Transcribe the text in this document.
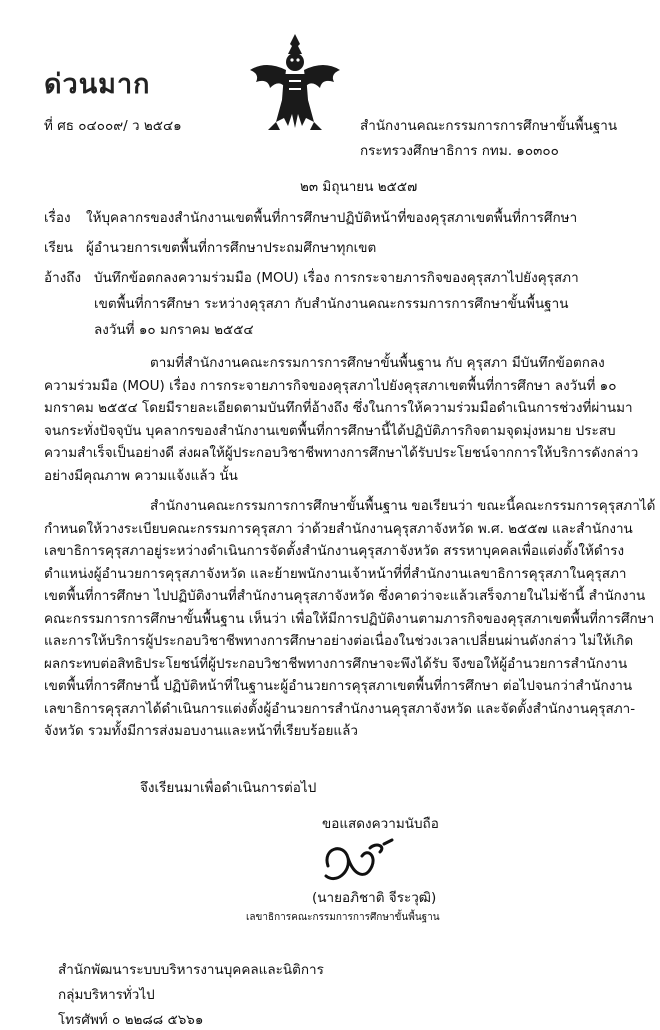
ด่วนมาก
ที่ ศธ ๐๔๐๐๙/ ว ๒๕๔๑	สำนักงานคณะกรรมการการศึกษาขั้นพื้นฐาน
กระทรวงศึกษาธิการ กทม. ๑๐๓๐๐
๒๓ มิถุนายน ๒๕๕๗
เรื่อง ให้บุคลากรของสำนักงานเขตพื้นที่การศึกษาปฏิบัติหน้าที่ของคุรุสภาเขตพื้นที่การศึกษา
เรียน ผู้อำนวยการเขตพื้นที่การศึกษาประถมศึกษาทุกเขต
อ้างถึง บันทึกข้อตกลงความร่วมมือ (MOU) เรื่อง การกระจายภารกิจของคุรุสภาไปยังคุรุสภา
เขตพื้นที่การศึกษา ระหว่างคุรุสภา กับสำนักงานคณะกรรมการการศึกษาขั้นพื้นฐาน
ลงวันที่ ๑๐ มกราคม ๒๕๕๔
ตามที่สำนักงานคณะกรรมการการศึกษาขั้นพื้นฐาน กับ คุรุสภา มีบันทึกข้อตกลง
ความร่วมมือ (MOU) เรื่อง การกระจายภารกิจของคุรุสภาไปยังคุรุสภาเขตพื้นที่การศึกษา ลงวันที่ ๑๐
มกราคม ๒๕๕๔ โดยมีรายละเอียดตามบันทึกที่อ้างถึง ซึ่งในการให้ความร่วมมือดำเนินการช่วงที่ผ่านมา
จนกระทั่งปัจจุบัน บุคลากรของสำนักงานเขตพื้นที่การศึกษานี้ได้ปฏิบัติภารกิจตามจุดมุ่งหมาย ประสบ
ความสำเร็จเป็นอย่างดี ส่งผลให้ผู้ประกอบวิชาชีพทางการศึกษาได้รับประโยชน์จากการให้บริการดังกล่าว
อย่างมีคุณภาพ ความแจ้งแล้ว นั้น
สำนักงานคณะกรรมการการศึกษาขั้นพื้นฐาน ขอเรียนว่า ขณะนี้คณะกรรมการคุรุสภาได้
กำหนดให้วางระเบียบคณะกรรมการคุรุสภา ว่าด้วยสำนักงานคุรุสภาจังหวัด พ.ศ. ๒๕๕๗ และสำนักงาน
เลขาธิการคุรุสภาอยู่ระหว่างดำเนินการจัดตั้งสำนักงานคุรุสภาจังหวัด สรรหาบุคคลเพื่อแต่งตั้งให้ดำรง
ตำแหน่งผู้อำนวยการคุรุสภาจังหวัด และย้ายพนักงานเจ้าหน้าที่ที่สำนักงานเลขาธิการคุรุสภาในคุรุสภา
เขตพื้นที่การศึกษา ไปปฏิบัติงานที่สำนักงานคุรุสภาจังหวัด ซึ่งคาดว่าจะแล้วเสร็จภายในไม่ช้านี้ สำนักงาน
คณะกรรมการการศึกษาขั้นพื้นฐาน เห็นว่า เพื่อให้มีการปฏิบัติงานตามภารกิจของคุรุสภาเขตพื้นที่การศึกษา
และการให้บริการผู้ประกอบวิชาชีพทางการศึกษาอย่างต่อเนื่องในช่วงเวลาเปลี่ยนผ่านดังกล่าว ไม่ให้เกิด
ผลกระทบต่อสิทธิประโยชน์ที่ผู้ประกอบวิชาชีพทางการศึกษาจะพึงได้รับ จึงขอให้ผู้อำนวยการสำนักงาน
เขตพื้นที่การศึกษานี้ ปฏิบัติหน้าที่ในฐานะผู้อำนวยการคุรุสภาเขตพื้นที่การศึกษา ต่อไปจนกว่าสำนักงาน
เลขาธิการคุรุสภาได้ดำเนินการแต่งตั้งผู้อำนวยการสำนักงานคุรุสภาจังหวัด และจัดตั้งสำนักงานคุรุสภา-
จังหวัด รวมทั้งมีการส่งมอบงานและหน้าที่เรียบร้อยแล้ว
จึงเรียนมาเพื่อดำเนินการต่อไป
ขอแสดงความนับถือ
(นายอภิชาติ จีระวุฒิ)
เลขาธิการคณะกรรมการการศึกษาขั้นพื้นฐาน
สำนักพัฒนาระบบบริหารงานบุคคลและนิติการ
กลุ่มบริหารทั่วไป
โทรศัพท์ ๐ ๒๒๘๘ ๕๖๖๑
